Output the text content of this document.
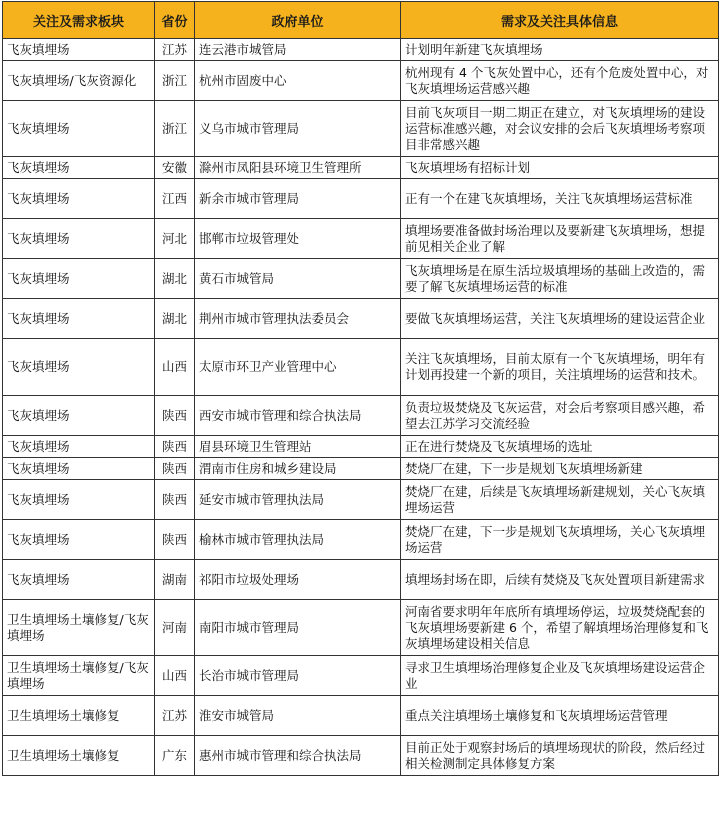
关注及需求板块	省份	政府单位	需求及关注具体信息
飞灰填埋场	江苏	连云港市城管局	计划明年新建飞灰填埋场
飞灰填埋场/飞灰资源化	浙江	杭州市固废中心	杭州现有 4 个飞灰处置中心，还有个危废处置中心，对飞灰填埋场运营感兴趣
飞灰填埋场	浙江	义乌市城市管理局	目前飞灰项目一期二期正在建立，对飞灰填埋场的建设运营标准感兴趣，对会议安排的会后飞灰填埋场考察项目非常感兴趣
飞灰填埋场	安徽	滁州市凤阳县环境卫生管理所	飞灰填埋场有招标计划
飞灰填埋场	江西	新余市城市管理局	正有一个在建飞灰填埋场，关注飞灰填埋场运营标准
飞灰填埋场	河北	邯郸市垃圾管理处	填埋场要准备做封场治理以及要新建飞灰填埋场，想提前见相关企业了解
飞灰填埋场	湖北	黄石市城管局	飞灰填埋场是在原生活垃圾填埋场的基础上改造的，需要了解飞灰填埋场运营的标准
飞灰填埋场	湖北	荆州市城市管理执法委员会	要做飞灰填埋场运营，关注飞灰填埋场的建设运营企业
飞灰填埋场	山西	太原市环卫产业管理中心	关注飞灰填埋场，目前太原有一个飞灰填埋场，明年有计划再投建一个新的项目，关注填埋场的运营和技术。
飞灰填埋场	陕西	西安市城市管理和综合执法局	负责垃圾焚烧及飞灰运营，对会后考察项目感兴趣，希望去江苏学习交流经验
飞灰填埋场	陕西	眉县环境卫生管理站	正在进行焚烧及飞灰填埋场的选址
飞灰填埋场	陕西	渭南市住房和城乡建设局	焚烧厂在建，下一步是规划飞灰填埋场新建
飞灰填埋场	陕西	延安市城市管理执法局	焚烧厂在建，后续是飞灰填埋场新建规划，关心飞灰填埋场运营
飞灰填埋场	陕西	榆林市城市管理执法局	焚烧厂在建，下一步是规划飞灰填埋场，关心飞灰填埋场运营
飞灰填埋场	湖南	祁阳市垃圾处理场	填埋场封场在即，后续有焚烧及飞灰处置项目新建需求
卫生填埋场土壤修复/飞灰填埋场	河南	南阳市城市管理局	河南省要求明年年底所有填埋场停运，垃圾焚烧配套的飞灰填埋场要新建 6 个，希望了解填埋场治理修复和飞灰填埋场建设相关信息
卫生填埋场土壤修复/飞灰填埋场	山西	长治市城市管理局	寻求卫生填埋场治理修复企业及飞灰填埋场建设运营企业
卫生填埋场土壤修复	江苏	淮安市城管局	重点关注填埋场土壤修复和飞灰填埋场运营管理
卫生填埋场土壤修复	广东	惠州市城市管理和综合执法局	目前正处于观察封场后的填埋场现状的阶段，然后经过相关检测制定具体修复方案
